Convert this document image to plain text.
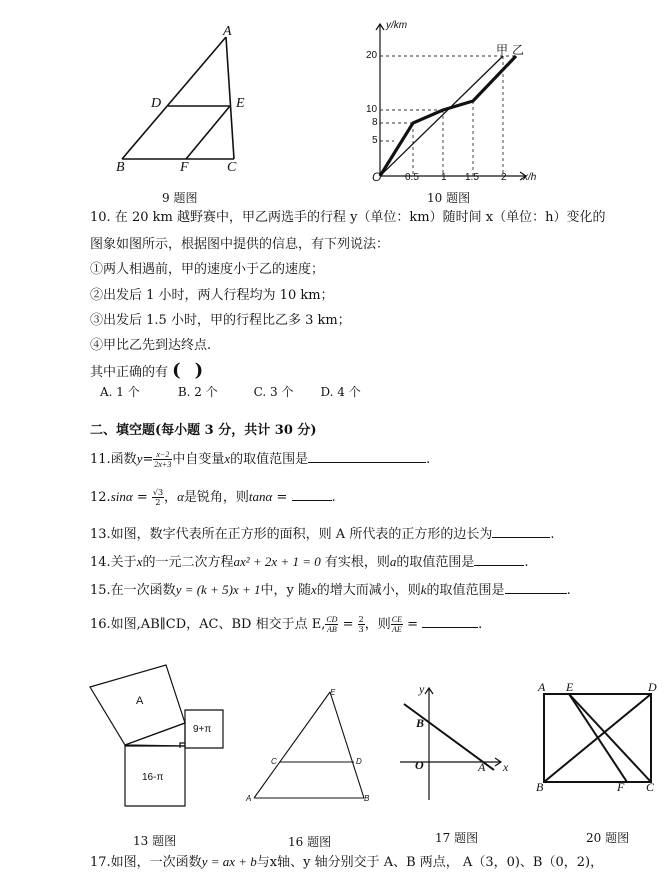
A
D	E
B	F	C
9 题图
y/km
x/h
O
20
10
8
5
0.5 1 1.5 2
甲 乙
10 题图
10. 在 20 km 越野赛中，甲乙两选手的行程 y（单位：km）随时间 x（单位：h）变化的
图象如图所示，根据图中提供的信息，有下列说法：
①两人相遇前，甲的速度小于乙的速度；
②出发后 1 小时，两人行程均为 10 km；
③出发后 1.5 小时，甲的行程比乙多 3 km；
④甲比乙先到达终点.
其中正确的有 ()
A. 1 个	B. 2 个	C. 3 个 D. 4 个
二、填空题(每小题 3 分，共计 30 分)
11.函数$y= \frac{x-2}{2x+3}$ 中自变量x的取值范围是	.
$12.\sin\alpha = \frac{√3}{2}$ ，α是锐角，则tanα =	.
13.如图，数字代表所在正方形的面积，则 A 所代表的正方形的边长为	.
14.关于x的一元二次方程ax² + 2x + 1 = 0 有实根，则a的取值范围是	.
15.在一次函数y = (k + 5)x + 1中，y 随x的增大而减小，则k的取值范围是	.
16.如图,AB∥CD，AC、BD 相交于点 E, $\frac{CD}{AB} = \frac{2}{3}$ ，则 $\frac{CE}{AE}$ =	.
A
9+π
16-π
13 题图
E
C	D
A	B
16 题图
y
B
O	A x
17 题图
A E	D
B	F C
20 题图
17.如图，一次函数y = ax + b与x轴、y 轴分别交于 A、B 两点， A（3，0)、B（0，2)，
